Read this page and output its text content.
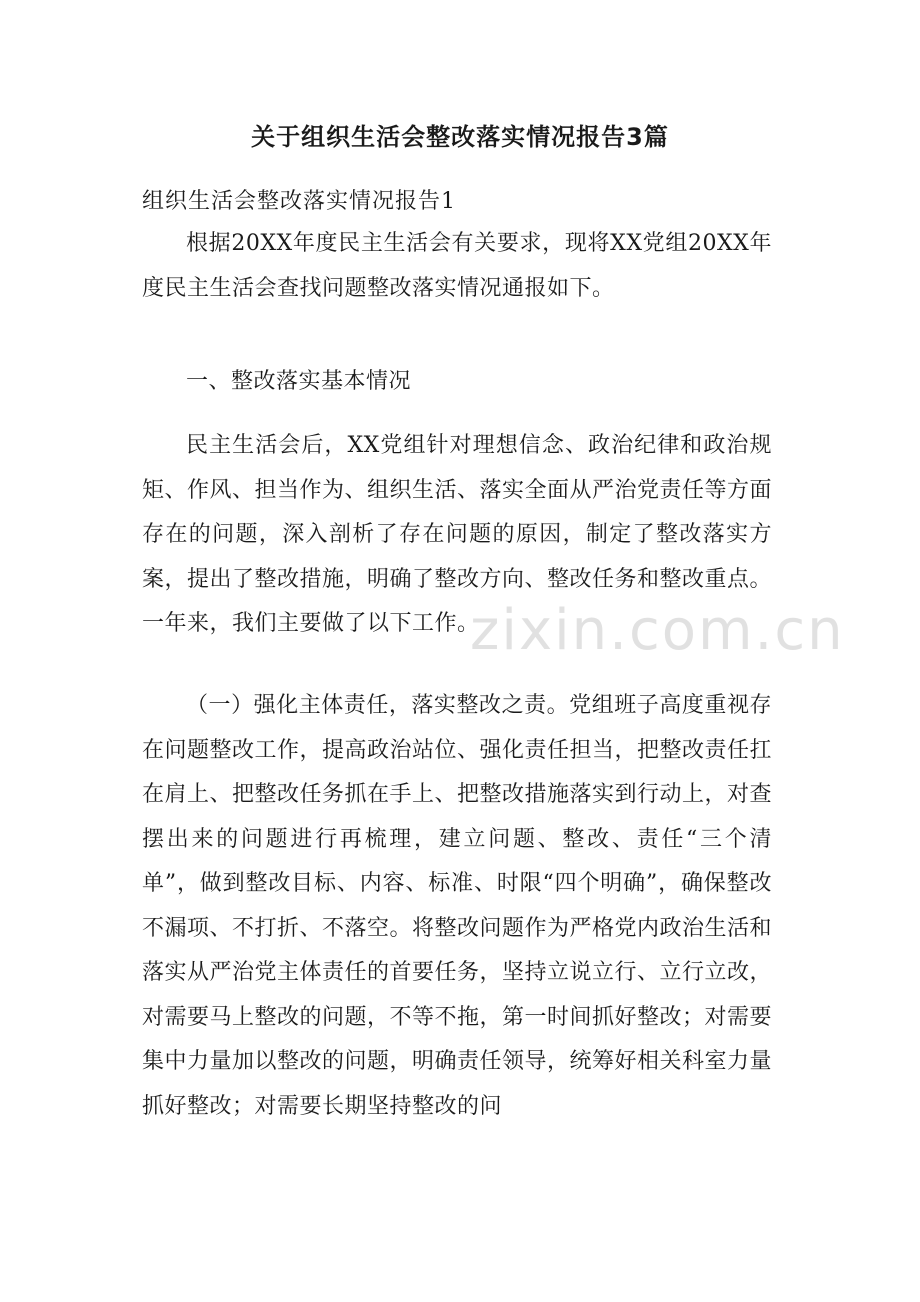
关于组织生活会整改落实情况报告3篇

组织生活会整改落实情况报告1

根据20XX年度民主生活会有关要求，现将XX党组20XX年度民主生活会查找问题整改落实情况通报如下。

一、整改落实基本情况

民主生活会后，XX党组针对理想信念、政治纪律和政治规矩、作风、担当作为、组织生活、落实全面从严治党责任等方面存在的问题，深入剖析了存在问题的原因，制定了整改落实方案，提出了整改措施，明确了整改方向、整改任务和整改重点。一年来，我们主要做了以下工作。

（一）强化主体责任，落实整改之责。党组班子高度重视存在问题整改工作，提高政治站位、强化责任担当，把整改责任扛在肩上、把整改任务抓在手上、把整改措施落实到行动上，对查摆出来的问题进行再梳理，建立问题、整改、责任“三个清单”，做到整改目标、内容、标准、时限“四个明确”，确保整改不漏项、不打折、不落空。将整改问题作为严格党内政治生活和落实从严治党主体责任的首要任务，坚持立说立行、立行立改，对需要马上整改的问题，不等不拖，第一时间抓好整改；对需要集中力量加以整改的问题，明确责任领导，统筹好相关科室力量抓好整改；对需要长期坚持整改的问

zixin.com.cn
